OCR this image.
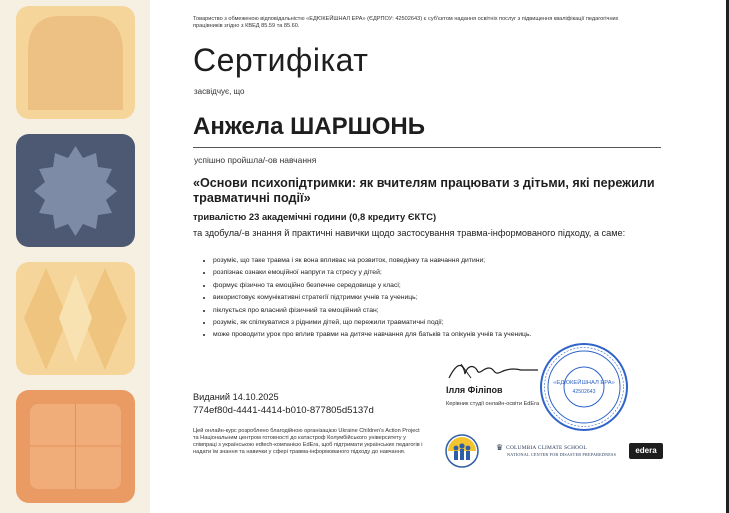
Товариство з обмеженою відповідальністю «ЕДЮКЕЙШНАЛ ЕРА» (ЄДРПОУ: 42502643) є суб'єктом надання освітніх послуг з підвищення кваліфікації педагогічних працівників згідно з КВЕД 85.59 та 85.60.
Сертифікат
засвідчує, що
Анжела ШАРШОНЬ
успішно пройшла/-ов навчання
«Основи психопідтримки: як вчителям працювати з дітьми, які пережили травматичні події»
тривалістю 23 академічні години (0,8 кредиту ЄКТС)
та здобула/-в знання й практичні навички щодо застосування травма-інформованого підходу, а саме:
• розуміє, що таке травма і як вона впливає на розвиток, поведінку та навчання дитини;
• розпізнає ознаки емоційної напруги та стресу у дітей;
• формує фізично та емоційно безпечне середовище у класі;
• використовує комунікативні стратегії підтримки учнів та учениць;
• піклується про власний фізичний та емоційний стан;
• розуміє, як спілкуватися з рідними дітей, що пережили травматичні події;
• може проводити урок про вплив травми на дитяче навчання для батьків та опікунів учнів та учениць.
Виданий 14.10.2025
774ef80d-4441-4414-b010-877805d5137d
Цей онлайн-курс розроблено благодійною організацією Ukraine Children's Action Project та Національним центром готовності до катастроф Колумбійського університету у співпраці з українською edtech-компанією EdEra, щоб підтримати українських педагогів і надати їм знання та навички у сфері травма-інформованого підходу до навчання.
Ілля Філіпов
Керівник студії онлайн-освіти EdEra
«ЕДЮКЕЙШНАЛ ЕРА»
42502643
♛ COLUMBIA CLIMATE SCHOOL
NATIONAL CENTER FOR DISASTER PREPAREDNESS	edera
